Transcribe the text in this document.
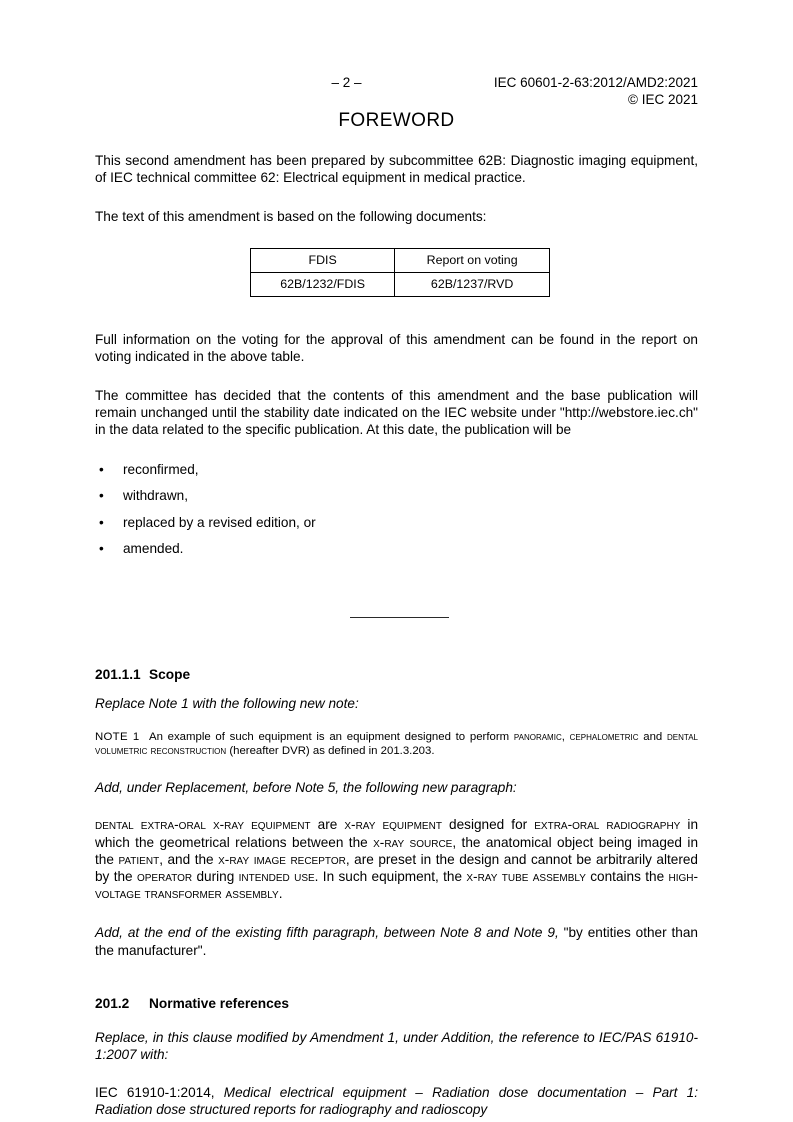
– 2 –	IEC 60601-2-63:2012/AMD2:2021
© IEC 2021
FOREWORD

This second amendment has been prepared by subcommittee 62B: Diagnostic imaging equipment, of IEC technical committee 62: Electrical equipment in medical practice.

The text of this amendment is based on the following documents:

FDIS	Report on voting
62B/1232/FDIS	62B/1237/RVD

Full information on the voting for the approval of this amendment can be found in the report on voting indicated in the above table.

The committee has decided that the contents of this amendment and the base publication will remain unchanged until the stability date indicated on the IEC website under "http://webstore.iec.ch" in the data related to the specific publication. At this date, the publication will be

• reconfirmed,
• withdrawn,
• replaced by a revised edition, or
• amended.
201.1.1 Scope

Replace Note 1 with the following new note:

NOTE 1 An example of such equipment is an equipment designed to perform panoramic, cephalometric and dental volumetric reconstruction (hereafter DVR) as defined in 201.3.203.

Add, under Replacement, before Note 5, the following new paragraph:

dental extra-oral x-ray equipment are x-ray equipment designed for extra-oral radiography in which the geometrical relations between the x-ray source, the anatomical object being imaged in the patient, and the x-ray image receptor, are preset in the design and cannot be arbitrarily altered by the operator during intended use. In such equipment, the x-ray tube assembly contains the high-voltage transformer assembly.

Add, at the end of the existing fifth paragraph, between Note 8 and Note 9, "by entities other than the manufacturer".

201.2 Normative references

Replace, in this clause modified by Amendment 1, under Addition, the reference to IEC/PAS 61910-1:2007 with:

IEC 61910-1:2014, Medical electrical equipment – Radiation dose documentation – Part 1: Radiation dose structured reports for radiography and radioscopy
